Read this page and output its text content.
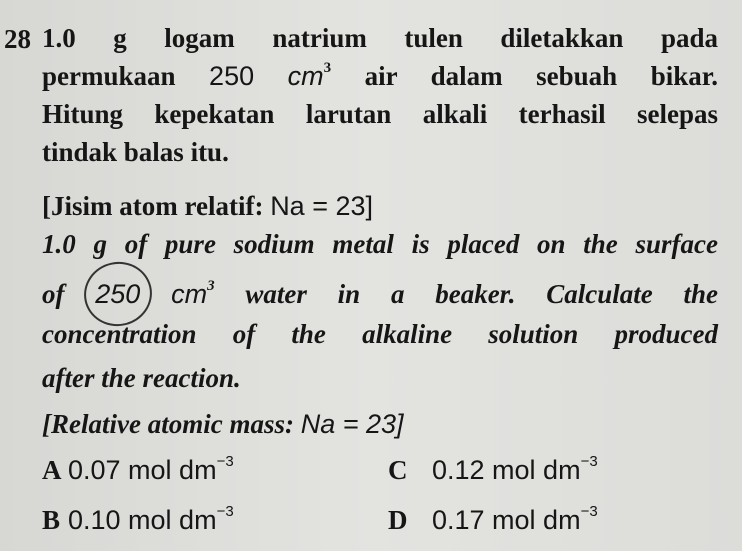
28 1.0 g logam natrium tulen diletakkan pada
permukaan 250 $cm^3$ air dalam sebuah bikar.
Hitung kepekatan larutan alkali terhasil selepas
tindak balas itu.
[Jisim atom relatif: Na = 23]
1.0 g of pure sodium metal is placed on the surface
of 250 $cm^3$ water in a beaker. Calculate the
concentration of the alkaline solution produced
after the reaction.
[Relative atomic mass: Na = 23]
A 0.07 mol $dm^{-3}$
B 0.10 mol $dm^{-3}$
C 0.12 mol $dm^{-3}$
D 0.17 mol $dm^{-3}$
